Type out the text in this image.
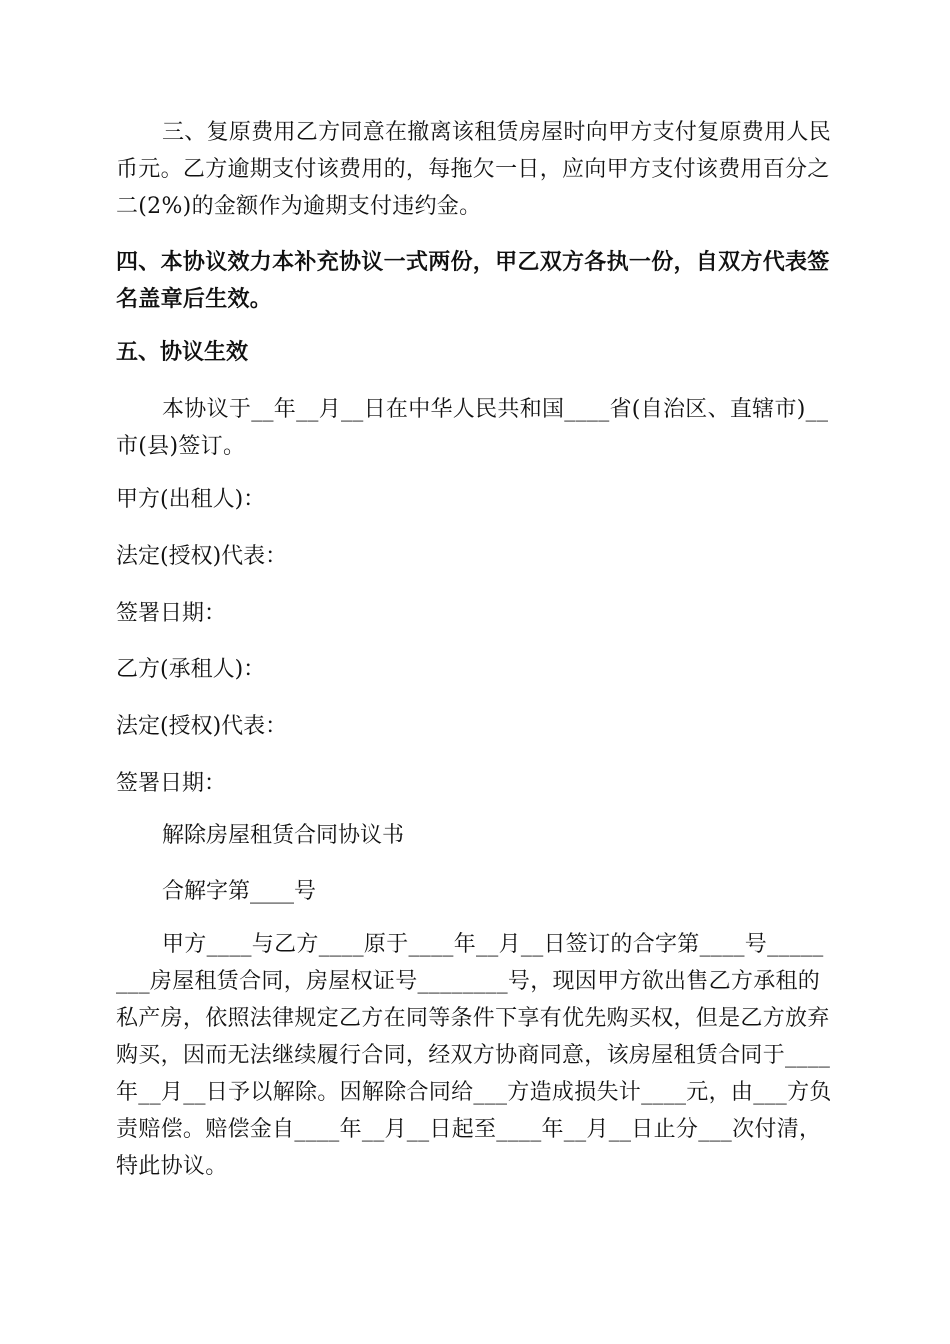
三、复原费用乙方同意在撤离该租赁房屋时向甲方支付复原费用人民币元。乙方逾期支付该费用的，每拖欠一日，应向甲方支付该费用百分之二(2%)的金额作为逾期支付违约金。

四、本协议效力本补充协议一式两份，甲乙双方各执一份，自双方代表签名盖章后生效。

五、协议生效

本协议于__年__月__日在中华人民共和国____省(自治区、直辖市)__市(县)签订。

甲方(出租人)：

法定(授权)代表：

签署日期：

乙方(承租人)：

法定(授权)代表：

签署日期：

解除房屋租赁合同协议书

合解字第____号

甲方____与乙方____原于____年__月__日签订的合字第____号________房屋租赁合同，房屋权证号________号，现因甲方欲出售乙方承租的私产房，依照法律规定乙方在同等条件下享有优先购买权，但是乙方放弃购买，因而无法继续履行合同，经双方协商同意，该房屋租赁合同于____年__月__日予以解除。因解除合同给___方造成损失计____元，由___方负责赔偿。赔偿金自____年__月__日起至____年__月__日止分___次付清，特此协议。
